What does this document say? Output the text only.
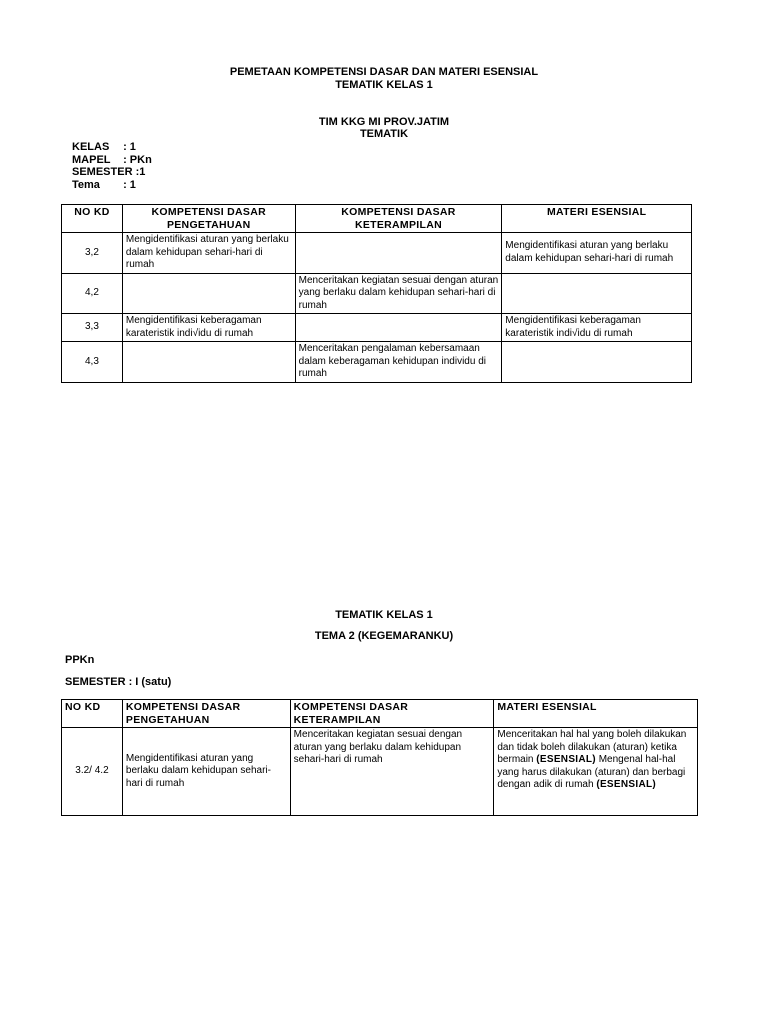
PEMETAAN KOMPETENSI DASAR DAN MATERI ESENSIAL
TEMATIK KELAS 1
TIM KKG MI PROV.JATIM
TEMATIK
KELAS : 1
MAPEL : PKn
SEMESTER :1
Tema : 1
NO KD	KOMPETENSI DASAR PENGETAHUAN	KOMPETENSI DASAR KETERAMPILAN	MATERI ESENSIAL
3,2	Mengidentifikasi aturan yang berlaku dalam kehidupan sehari-hari di rumah		Mengidentifikasi aturan yang berlaku dalam kehidupan sehari-hari di rumah
4,2		Menceritakan kegiatan sesuai dengan aturan yang berlaku dalam kehidupan sehari-hari di rumah	
3,3	Mengidentifikasi keberagaman karateristik indi√idu di rumah		Mengidentifikasi keberagaman karateristik indi√idu di rumah
4,3		Menceritakan pengalaman kebersamaan dalam keberagaman kehidupan individu di rumah	
TEMATIK KELAS 1
TEMA 2 (KEGEMARANKU)
PPKn
SEMESTER : I (satu)
NO KD	KOMPETENSI DASAR PENGETAHUAN	KOMPETENSI DASAR KETERAMPILAN	MATERI ESENSIAL
3.2/ 4.2	Mengidentifikasi aturan yang berlaku dalam kehidupan sehari-hari di rumah	Menceritakan kegiatan sesuai dengan aturan yang berlaku dalam kehidupan sehari-hari di rumah	Menceritakan hal hal yang boleh dilakukan dan tidak boleh dilakukan (aturan) ketika bermain (ESENSIAL) Mengenal hal-hal yang harus dilakukan (aturan) dan berbagi dengan adik di rumah (ESENSIAL)
